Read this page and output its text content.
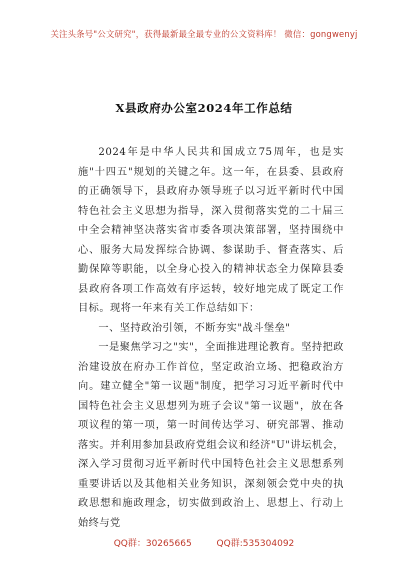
关注头条号"公文研究"，获得最新最全最专业的公文资料库！ 微信：gongwenyj
X县政府办公室2024年工作总结

2024年是中华人民共和国成立75周年，也是实施"十四五"规划的关键之年。这一年，在县委、县政府的正确领导下，县政府办领导班子以习近平新时代中国特色社会主义思想为指导，深入贯彻落实党的二十届三中全会精神坚决落实省市委各项决策部署，坚持围绕中心、服务大局发挥综合协调、参谋助手、督查落实、后勤保障等职能，以全身心投入的精神状态全力保障县委县政府各项工作高效有序运转，较好地完成了既定工作目标。现将一年来有关工作总结如下：

一、坚持政治引领，不断夯实"战斗堡垒"

一是聚焦学习之"实"，全面推进理论教育。坚持把政治建设放在府办工作首位，坚定政治立场、把稳政治方向。建立健全"第一议题"制度，把学习习近平新时代中国特色社会主义思想列为班子会议"第一议题"，放在各项议程的第一项，第一时间传达学习、研究部署、推动落实。并利用参加县政府党组会议和经济"U"讲坛机会，深入学习贯彻习近平新时代中国特色社会主义思想系列重要讲话以及其他相关业务知识，深刻领会党中央的执政思想和施政理念，切实做到政治上、思想上、行动上始终与党

QQ群：30265665	QQ群:535304092
